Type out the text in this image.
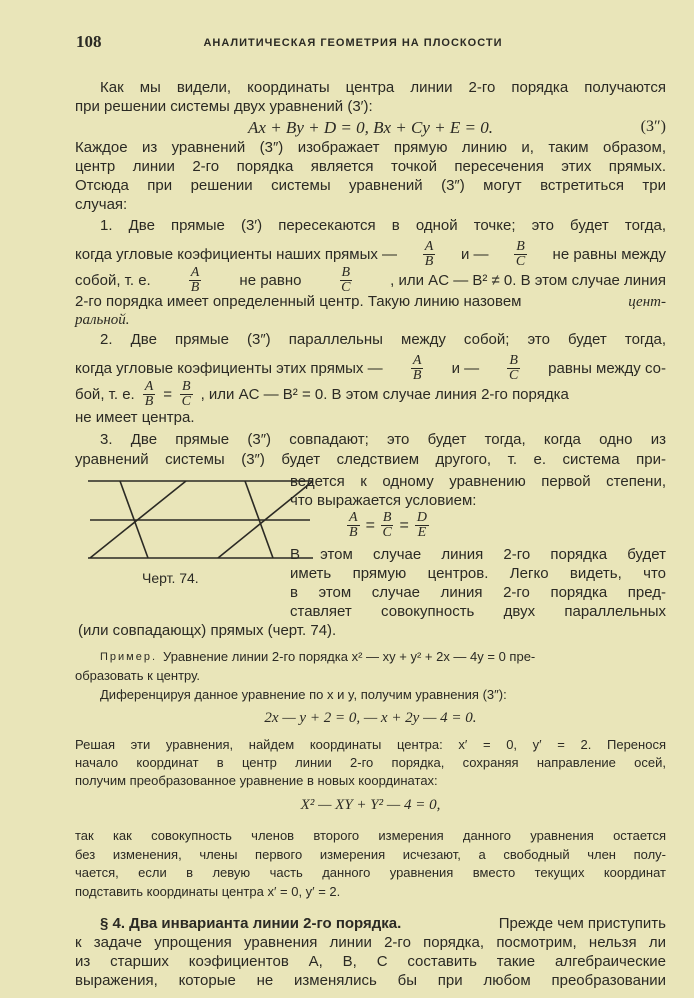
108	АНАЛИТИЧЕСКАЯ ГЕОМЕТРИЯ НА ПЛОСКОСТИ
Как мы видели, координаты центра линии 2-го порядка получаются
при решении системы двух уравнений (3′):
Ax + By + D = 0, Bx + Cy + E = 0.	(3″)
Каждое из уравнений (3″) изображает прямую линию и, таким образом,
центр линии 2-го порядка является точкой пересечения этих прямых.
Отсюда при решении системы уравнений (3″) могут встретиться три
случая:
1. Две прямые (3′) пересекаются в одной точке; это будет тогда,
когда угловые коэфициенты наших прямых — $\frac{A}{B}$ и — $\frac{B}{C}$ не равны между
собой, т. е.	$\frac{A}{B}$	не равно	$\frac{B}{C}$	, или AC — B² ≠ 0. В этом случае линия
2-го порядка имеет определенный центр. Такую линию назовем	цент-
ральной.
2. Две прямые (3″) параллельны между собой; это будет тогда,
когда угловые коэфициенты этих прямых — $\frac{A}{B}$ и — $\frac{B}{C}$ равны между со-
бой, т. е. $\frac{A}{B} = \frac{B}{C}$ , или AC — B² = 0. В этом случае линия 2-го порядка
не имеет центра.
3. Две прямые (3″) совпадают; это будет тогда, когда одно из
уравнений системы (3″) будет следствием другого, т. е. система при-
ведется к одному уравнению первой степени,
что выражается условием:
$\frac{A}{B} = \frac{B}{C} = \frac{D}{E}$
В этом случае линия 2-го порядка будет
иметь прямую центров. Легко видеть, что
в этом случае линия 2-го порядка пред-
ставляет совокупность двух параллельных
(или совпадающх) прямых (черт. 74).
Черт. 74.
Пример. Уравнение линии 2-го порядка x² — xy + y² + 2x — 4y = 0 пре-
образовать к центру.
Диференцируя данное уравнение по x и y, получим уравнения (3″):
2x — y + 2 = 0, — x + 2y — 4 = 0.
Решая эти уравнения, найдем координаты центра: x′ = 0, y′ = 2. Перенося
начало координат в центр линии 2-го порядка, сохраняя направление осей,
получим преобразованное уравнение в новых координатах:
X² — XY + Y² — 4 = 0,
так как совокупность членов второго измерения данного уравнения остается
без изменения, члены первого измерения исчезают, а свободный член полу-
чается, если в левую часть данного уравнения вместо текущих координат
подставить координаты центра x′ = 0, y′ = 2.
§ 4. Два инварианта линии 2-го порядка.	Прежде чем приступить
к задаче упрощения уравнения линии 2-го порядка, посмотрим, нельзя ли
из старших коэфициентов A, B, C составить такие алгебраические
выражения, которые не изменялись бы при любом преобразовании
